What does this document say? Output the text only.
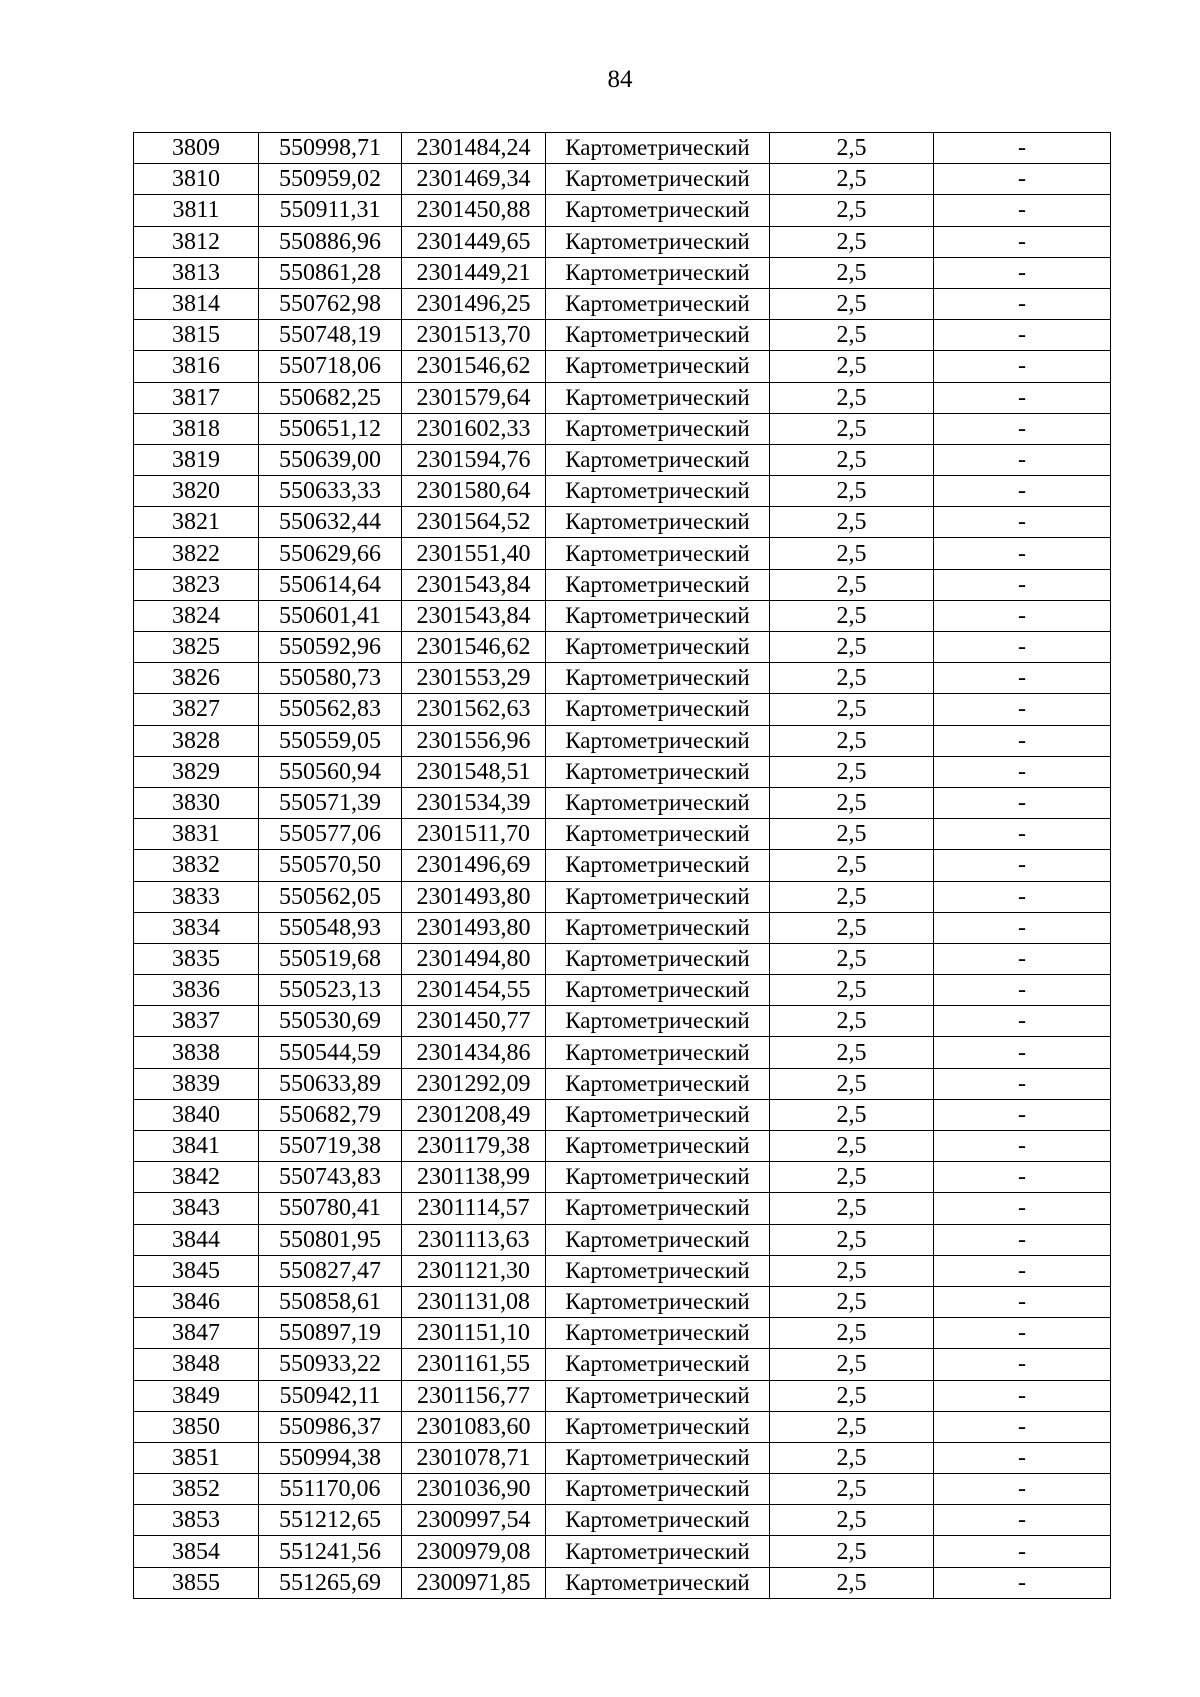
84
3809	550998,71	2301484,24	Картометрический	2,5	-
3810	550959,02	2301469,34	Картометрический	2,5	-
3811	550911,31	2301450,88	Картометрический	2,5	-
3812	550886,96	2301449,65	Картометрический	2,5	-
3813	550861,28	2301449,21	Картометрический	2,5	-
3814	550762,98	2301496,25	Картометрический	2,5	-
3815	550748,19	2301513,70	Картометрический	2,5	-
3816	550718,06	2301546,62	Картометрический	2,5	-
3817	550682,25	2301579,64	Картометрический	2,5	-
3818	550651,12	2301602,33	Картометрический	2,5	-
3819	550639,00	2301594,76	Картометрический	2,5	-
3820	550633,33	2301580,64	Картометрический	2,5	-
3821	550632,44	2301564,52	Картометрический	2,5	-
3822	550629,66	2301551,40	Картометрический	2,5	-
3823	550614,64	2301543,84	Картометрический	2,5	-
3824	550601,41	2301543,84	Картометрический	2,5	-
3825	550592,96	2301546,62	Картометрический	2,5	-
3826	550580,73	2301553,29	Картометрический	2,5	-
3827	550562,83	2301562,63	Картометрический	2,5	-
3828	550559,05	2301556,96	Картометрический	2,5	-
3829	550560,94	2301548,51	Картометрический	2,5	-
3830	550571,39	2301534,39	Картометрический	2,5	-
3831	550577,06	2301511,70	Картометрический	2,5	-
3832	550570,50	2301496,69	Картометрический	2,5	-
3833	550562,05	2301493,80	Картометрический	2,5	-
3834	550548,93	2301493,80	Картометрический	2,5	-
3835	550519,68	2301494,80	Картометрический	2,5	-
3836	550523,13	2301454,55	Картометрический	2,5	-
3837	550530,69	2301450,77	Картометрический	2,5	-
3838	550544,59	2301434,86	Картометрический	2,5	-
3839	550633,89	2301292,09	Картометрический	2,5	-
3840	550682,79	2301208,49	Картометрический	2,5	-
3841	550719,38	2301179,38	Картометрический	2,5	-
3842	550743,83	2301138,99	Картометрический	2,5	-
3843	550780,41	2301114,57	Картометрический	2,5	-
3844	550801,95	2301113,63	Картометрический	2,5	-
3845	550827,47	2301121,30	Картометрический	2,5	-
3846	550858,61	2301131,08	Картометрический	2,5	-
3847	550897,19	2301151,10	Картометрический	2,5	-
3848	550933,22	2301161,55	Картометрический	2,5	-
3849	550942,11	2301156,77	Картометрический	2,5	-
3850	550986,37	2301083,60	Картометрический	2,5	-
3851	550994,38	2301078,71	Картометрический	2,5	-
3852	551170,06	2301036,90	Картометрический	2,5	-
3853	551212,65	2300997,54	Картометрический	2,5	-
3854	551241,56	2300979,08	Картометрический	2,5	-
3855	551265,69	2300971,85	Картометрический	2,5	-
